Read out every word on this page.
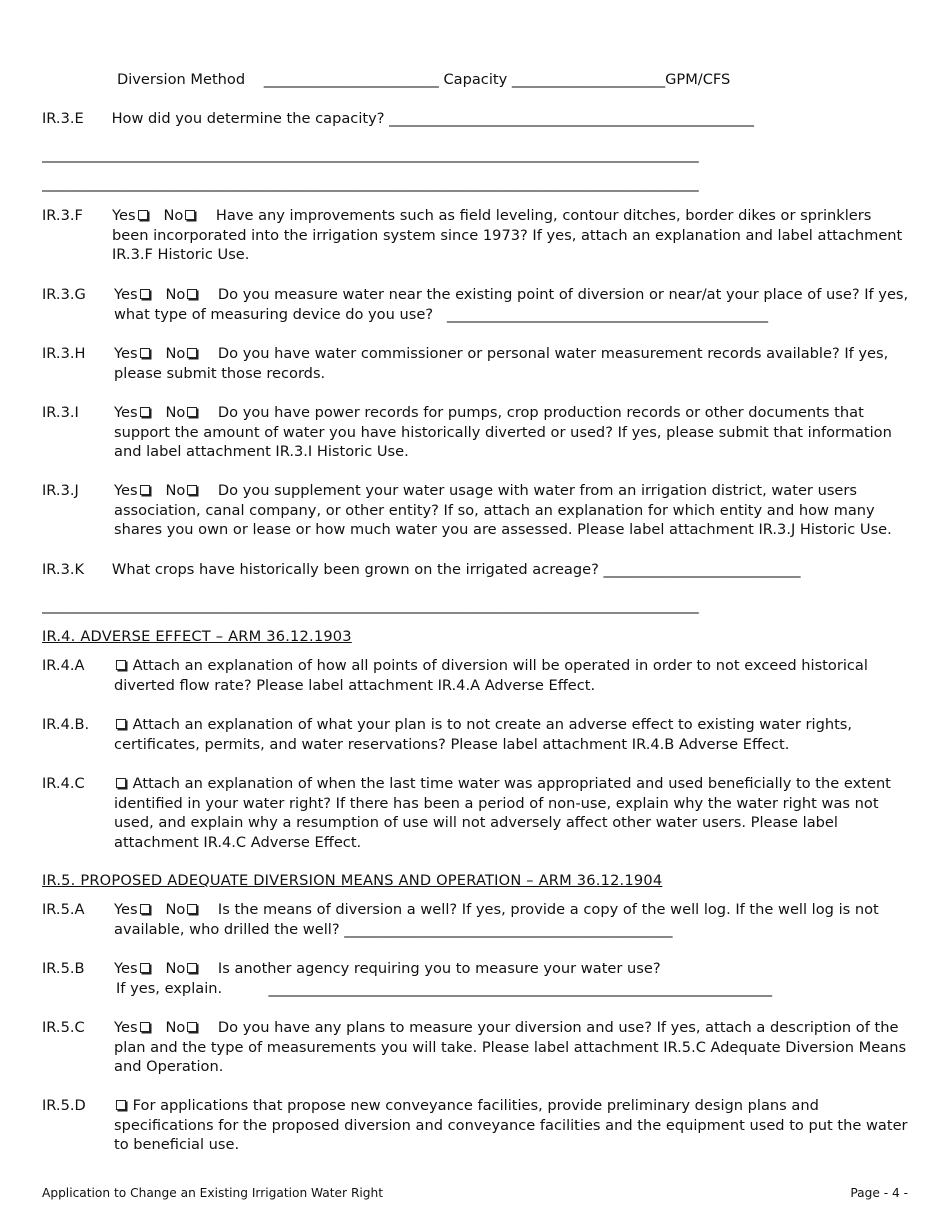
Diversion Method ________________________ Capacity _____________________GPM/CFS
IR.3.E How did you determine the capacity? __________________________________________________
__________________________________________________________________________________________
__________________________________________________________________________________________
IR.3.F Yes No Have any improvements such as field leveling, contour ditches, border dikes or sprinklers been incorporated into the irrigation system since 1973? If yes, attach an explanation and label attachment IR.3.F Historic Use.
IR.3.G Yes No Do you measure water near the existing point of diversion or near/at your place of use? If yes, what type of measuring device do you use? ____________________________________________
IR.3.H Yes No Do you have water commissioner or personal water measurement records available? If yes, please submit those records.
IR.3.I Yes No Do you have power records for pumps, crop production records or other documents that support the amount of water you have historically diverted or used? If yes, please submit that information and label attachment IR.3.I Historic Use.
IR.3.J Yes No Do you supplement your water usage with water from an irrigation district, water users association, canal company, or other entity? If so, attach an explanation for which entity and how many shares you own or lease or how much water you are assessed. Please label attachment IR.3.J Historic Use.
IR.3.K What crops have historically been grown on the irrigated acreage? ___________________________
__________________________________________________________________________________________
IR.4. ADVERSE EFFECT – ARM 36.12.1903
IR.4.A	Attach an explanation of how all points of diversion will be operated in order to not exceed historical diverted flow rate? Please label attachment IR.4.A Adverse Effect.
IR.4.B.	Attach an explanation of what your plan is to not create an adverse effect to existing water rights, certificates, permits, and water reservations? Please label attachment IR.4.B Adverse Effect.
IR.4.C	Attach an explanation of when the last time water was appropriated and used beneficially to the extent identified in your water right? If there has been a period of non-use, explain why the water right was not used, and explain why a resumption of use will not adversely affect other water users. Please label attachment IR.4.C Adverse Effect.
IR.5. PROPOSED ADEQUATE DIVERSION MEANS AND OPERATION – ARM 36.12.1904
IR.5.A Yes No Is the means of diversion a well? If yes, provide a copy of the well log. If the well log is not available, who drilled the well? _____________________________________________
IR.5.B Yes No Is another agency requiring you to measure your water use?
If yes, explain.	_____________________________________________________________________
IR.5.C Yes No Do you have any plans to measure your diversion and use? If yes, attach a description of the plan and the type of measurements you will take. Please label attachment IR.5.C Adequate Diversion Means and Operation.
IR.5.D	For applications that propose new conveyance facilities, provide preliminary design plans and specifications for the proposed diversion and conveyance facilities and the equipment used to put the water to beneficial use.
Application to Change an Existing Irrigation Water Right	Page - 4 -
